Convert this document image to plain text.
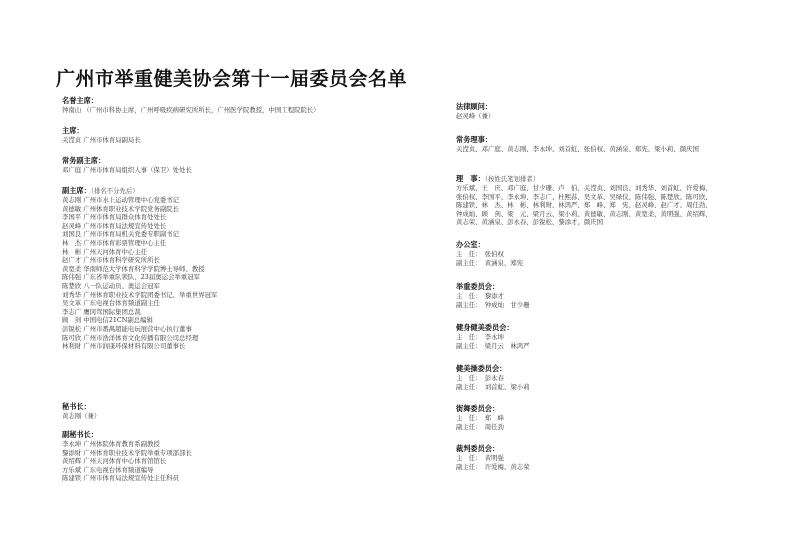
广州市举重健美协会第十一届委员会名单
名誉主席：
钟南山 （广州市科协主席，广州呼吸疾病研究所所长，广州医学院教授，中国工程院院长）
主席：
关滢贞 广州市体育局副局长
常务副主席：
邓广庭 广州市体育局组织人事（保卫）处处长
副主席：（排名不分先后）
黄志刚 广州市水上运动管理中心党委书记
黄德敏 广州体育职业技术学院党务副院长
李国平 广州市体育局群众体育处处长
赵灵峰 广州市体育局法规宣传处处长
刘国良 广州市体育局机关党委专职副书记
林　杰 广州市体育彩票管理中心主任
林　彬 广州天河体育中心主任
赵广才 广州市体育科学研究所所长
黄宽柔 华南师范大学体育科学学院博士导师、教授
陈伟强 广东省举重队领队、23届奥运会举重冠军
陈楚欣 八一队运动员、奥运会冠军
刘秀华 广州体育职业技术学院团委书记、举重世界冠军
吴文革 广东电视台体育频道副主任
李志广 鹰冈驾国际集团总裁
顾　剑 中国电信21CN副总编辑
彭锐松 广州市番禺超能电玩展营中心执行董事
陈可欣 广州市浩洋体育文化传播有限公司总经理
林利財 广州市润康环保材料有限公司董事长
秘书长：
黄志刚（兼）
副秘书长：
李永坤 广州体院体育教育系副教授
黎添财 广州体育职业技术学院举重专项部部长
黄绍辉 广州天河体育中心体育馆馆长
方乐斌 广东电视台体育频道编导
陈建铁 广州市体育局法规宣传处主任科员
法律顾问：
赵灵峰（兼）
常务理事：
关滢贞、邓广庭、黄志刚、李永坤、刘首虹、张伯权、黄涵泉、郑宪、梁小莉、颜庆国
理　事：（按姓氏笔划排者）
方乐斌、王　庆、邓广庭、甘少珊、卢　伯、关滢贞、刘国良、刘秀华、刘首虹、许爱梅、
张伯权、李国平、李永坤、李志广、杜熙荪、吴文革、吴绿仪、陈伟强、陈楚欣、陈可欣、
陈建铁、林　杰、林　彬、林利财、林鸿严、郑　峰、郑　宪、赵灵峰、赵广才、周任劲、
钟成灿、顾　剑、梁　元、梁月云、梁小莉、黄德敏、黄志刚、黄宽柔、黄明强、黄绍辉、
黄志荣、黄涵泉、彭永春、彭锐松、黎添才、颜庆国
办公室：
主　任：　张伯权
副主任：　黄涵泉、郑宪
举重委员会：
主　任：　黎添才
副主任：　钟成灿　甘少珊
健身健美委员会：
主　任：　李永坤
副主任：　梁月云　林鸿严
健美操委员会：
主　任：　彭永春
副主任：　刘首虹、梁小莉
街舞委员会：
主　任：　郑　峰
副主任：　周任劲
裁判委员会：
主　任：　黄明强
副主任：　许爱梅、黄志荣
